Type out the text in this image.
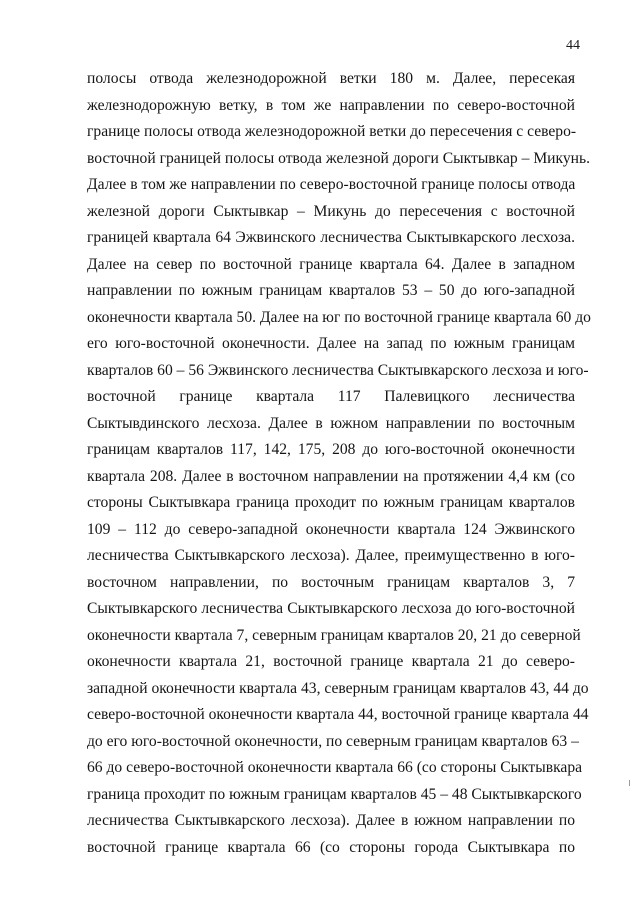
44
полосы отвода железнодорожной ветки 180 м. Далее, пересекая
железнодорожную ветку, в том же направлении по северо-восточной
границе полосы отвода железнодорожной ветки до пересечения с северо-
восточной границей полосы отвода железной дороги Сыктывкар – Микунь.
Далее в том же направлении по северо-восточной границе полосы отвода
железной дороги Сыктывкар – Микунь до пересечения с восточной
границей квартала 64 Эжвинского лесничества Сыктывкарского лесхоза.
Далее на север по восточной границе квартала 64. Далее в западном
направлении по южным границам кварталов 53 – 50 до юго-западной
оконечности квартала 50. Далее на юг по восточной границе квартала 60 до
его юго-восточной оконечности. Далее на запад по южным границам
кварталов 60 – 56 Эжвинского лесничества Сыктывкарского лесхоза и юго-
восточной границе квартала 117 Палевицкого лесничества
Сыктывдинского лесхоза. Далее в южном направлении по восточным
границам кварталов 117, 142, 175, 208 до юго-восточной оконечности
квартала 208. Далее в восточном направлении на протяжении 4,4 км (со
стороны Сыктывкара граница проходит по южным границам кварталов
109 – 112 до северо-западной оконечности квартала 124 Эжвинского
лесничества Сыктывкарского лесхоза). Далее, преимущественно в юго-
восточном направлении, по восточным границам кварталов 3, 7
Сыктывкарского лесничества Сыктывкарского лесхоза до юго-восточной
оконечности квартала 7, северным границам кварталов 20, 21 до северной
оконечности квартала 21, восточной границе квартала 21 до северо-
западной оконечности квартала 43, северным границам кварталов 43, 44 до
северо-восточной оконечности квартала 44, восточной границе квартала 44
до его юго-восточной оконечности, по северным границам кварталов 63 –
66 до северо-восточной оконечности квартала 66 (со стороны Сыктывкара
граница проходит по южным границам кварталов 45 – 48 Сыктывкарского
лесничества Сыктывкарского лесхоза). Далее в южном направлении по
восточной границе квартала 66 (со стороны города Сыктывкара по
